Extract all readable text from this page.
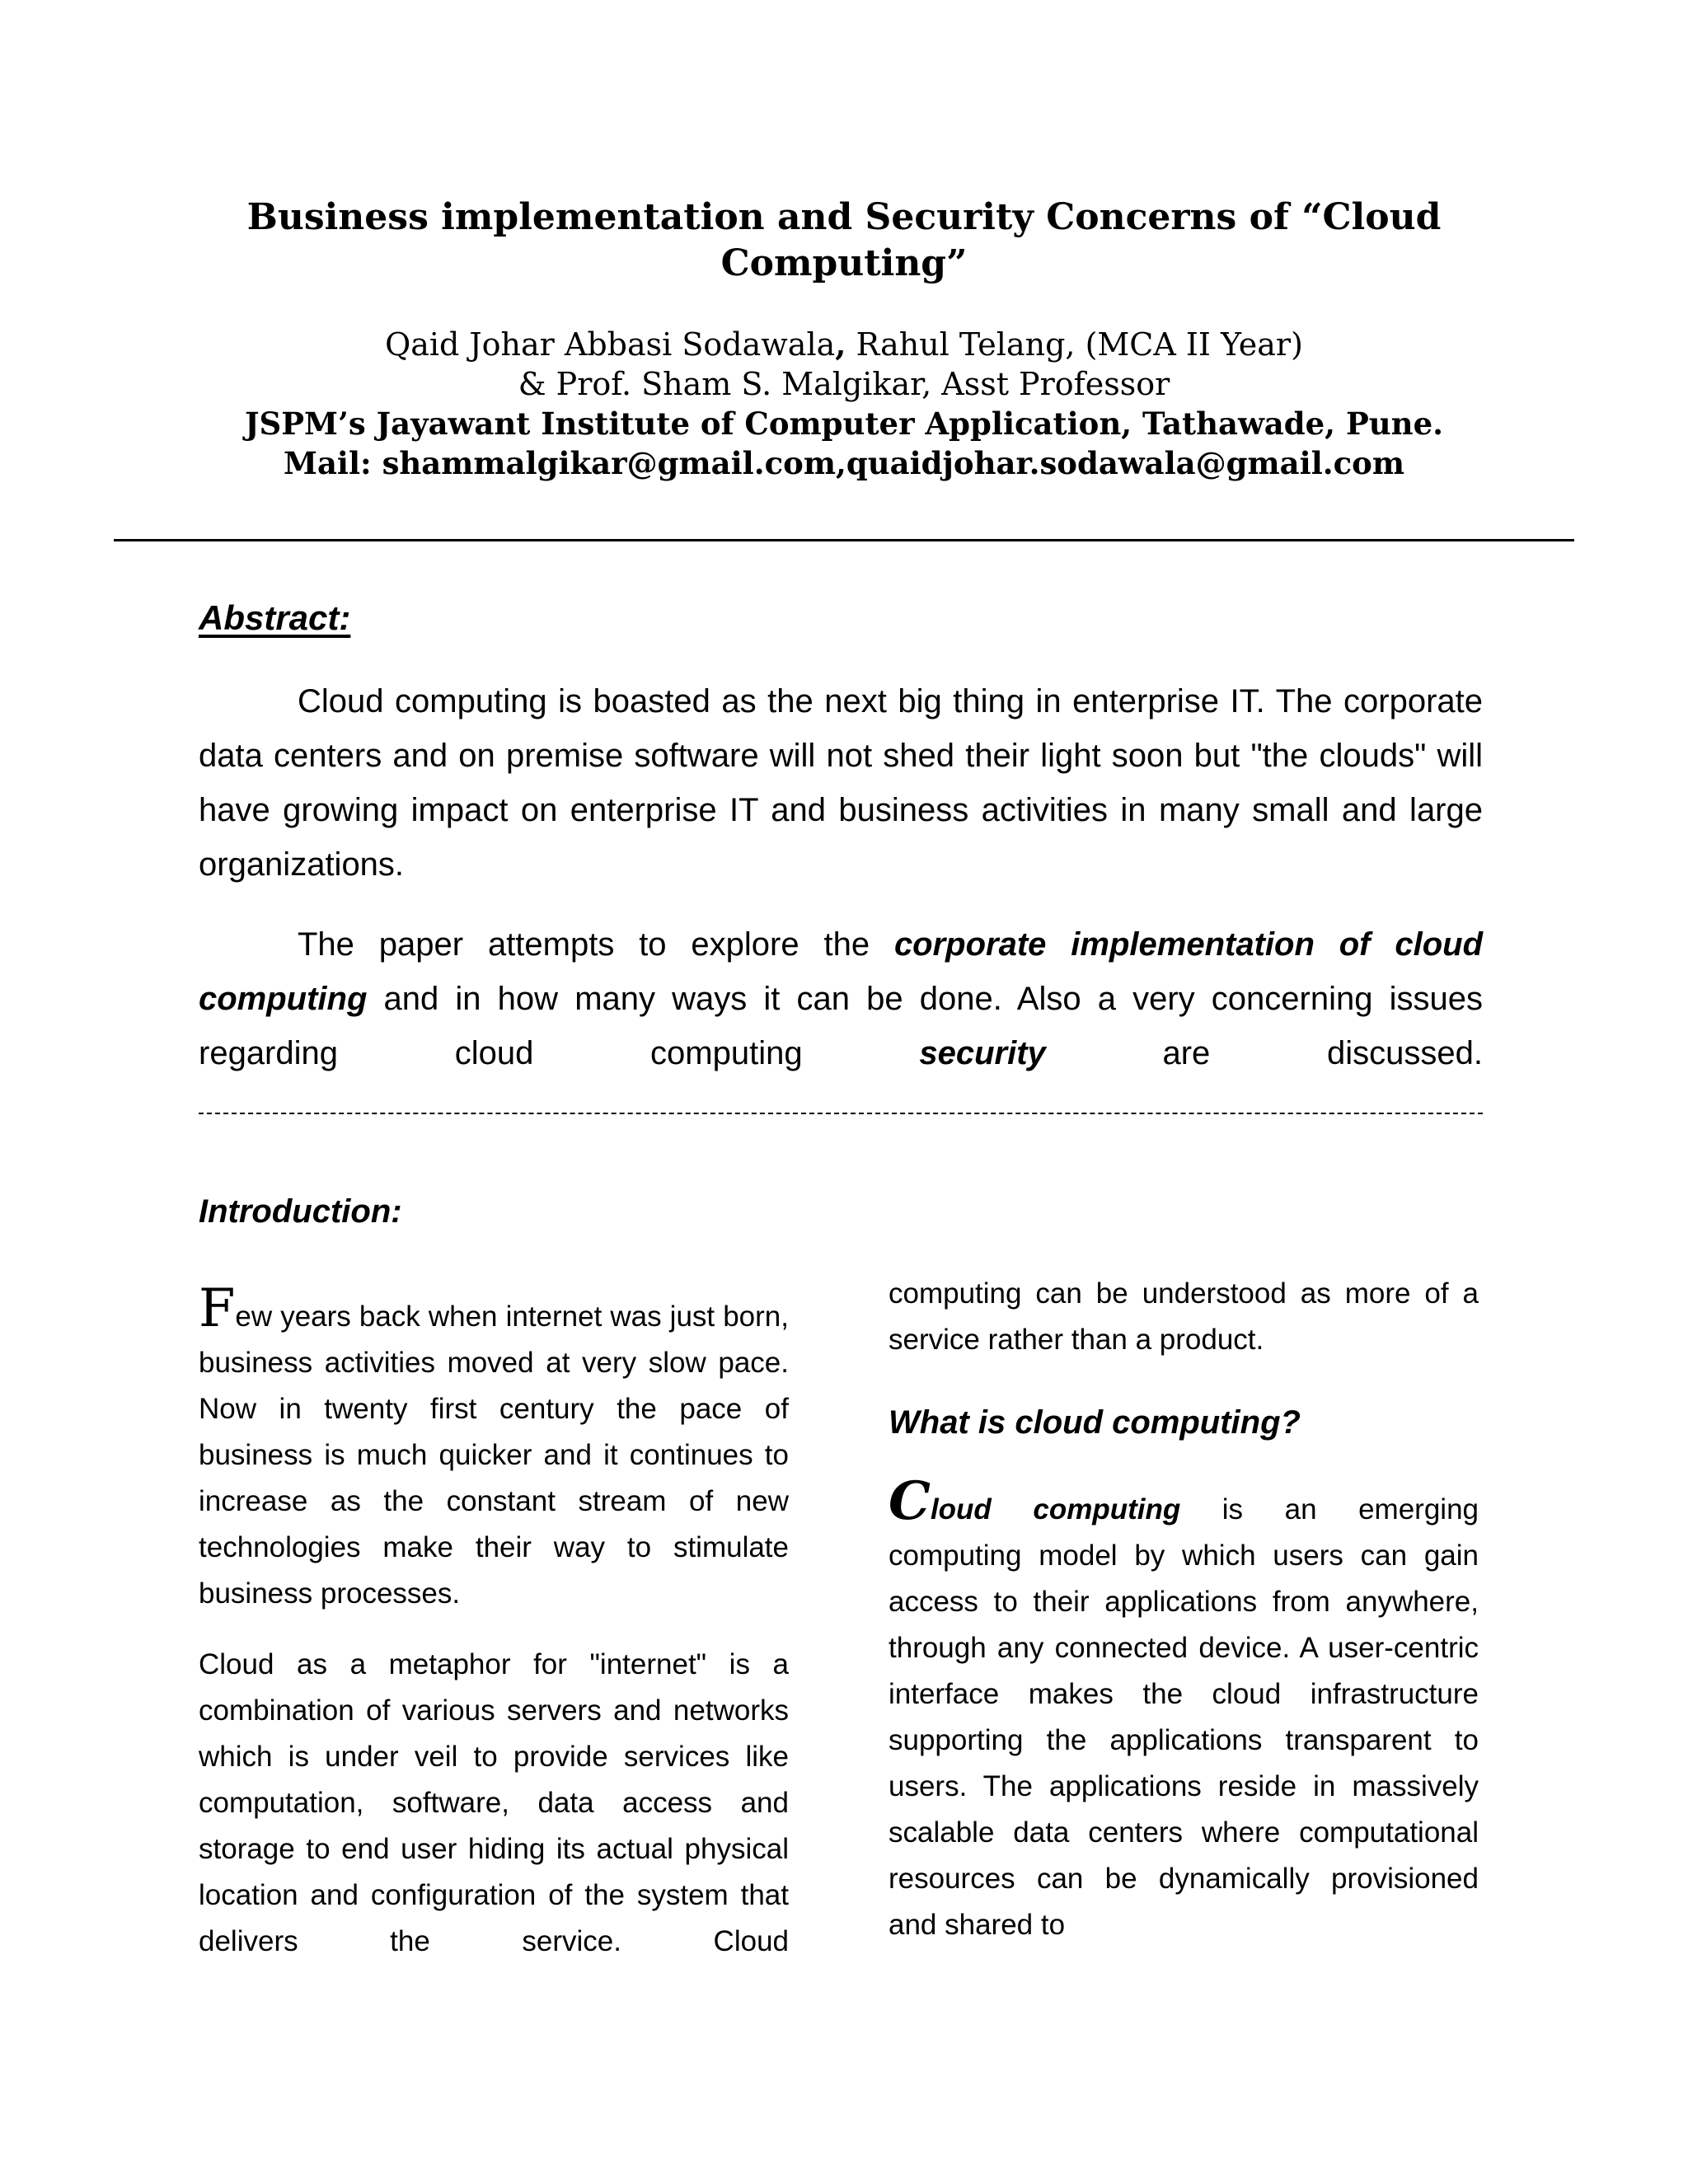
Business implementation and Security Concerns of “Cloud Computing”
Qaid Johar Abbasi Sodawala, Rahul Telang, (MCA II Year)
& Prof. Sham S. Malgikar, Asst Professor
JSPM’s Jayawant Institute of Computer Application, Tathawade, Pune.
Mail: shammalgikar@gmail.com,quaidjohar.sodawala@gmail.com
Abstract:

Cloud computing is boasted as the next big thing in enterprise IT. The corporate data centers and on premise software will not shed their light soon but "the clouds" will have growing impact on enterprise IT and business activities in many small and large organizations.

The paper attempts to explore the corporate implementation of cloud computing and in how many ways it can be done. Also a very concerning issues regarding cloud computing security are discussed.

Introduction:

Few years back when internet was just born, business activities moved at very slow pace. Now in twenty first century the pace of business is much quicker and it continues to increase as the constant stream of new technologies make their way to stimulate business processes.

Cloud as a metaphor for "internet" is a combination of various servers and networks which is under veil to provide services like computation, software, data access and storage to end user hiding its actual physical location and configuration of the system that delivers the service. Cloud

computing can be understood as more of a service rather than a product.

What is cloud computing?

Cloud computing is an emerging computing model by which users can gain access to their applications from anywhere, through any connected device. A user-centric interface makes the cloud infrastructure supporting the applications transparent to users. The applications reside in massively scalable data centers where computational resources can be dynamically provisioned and shared to
